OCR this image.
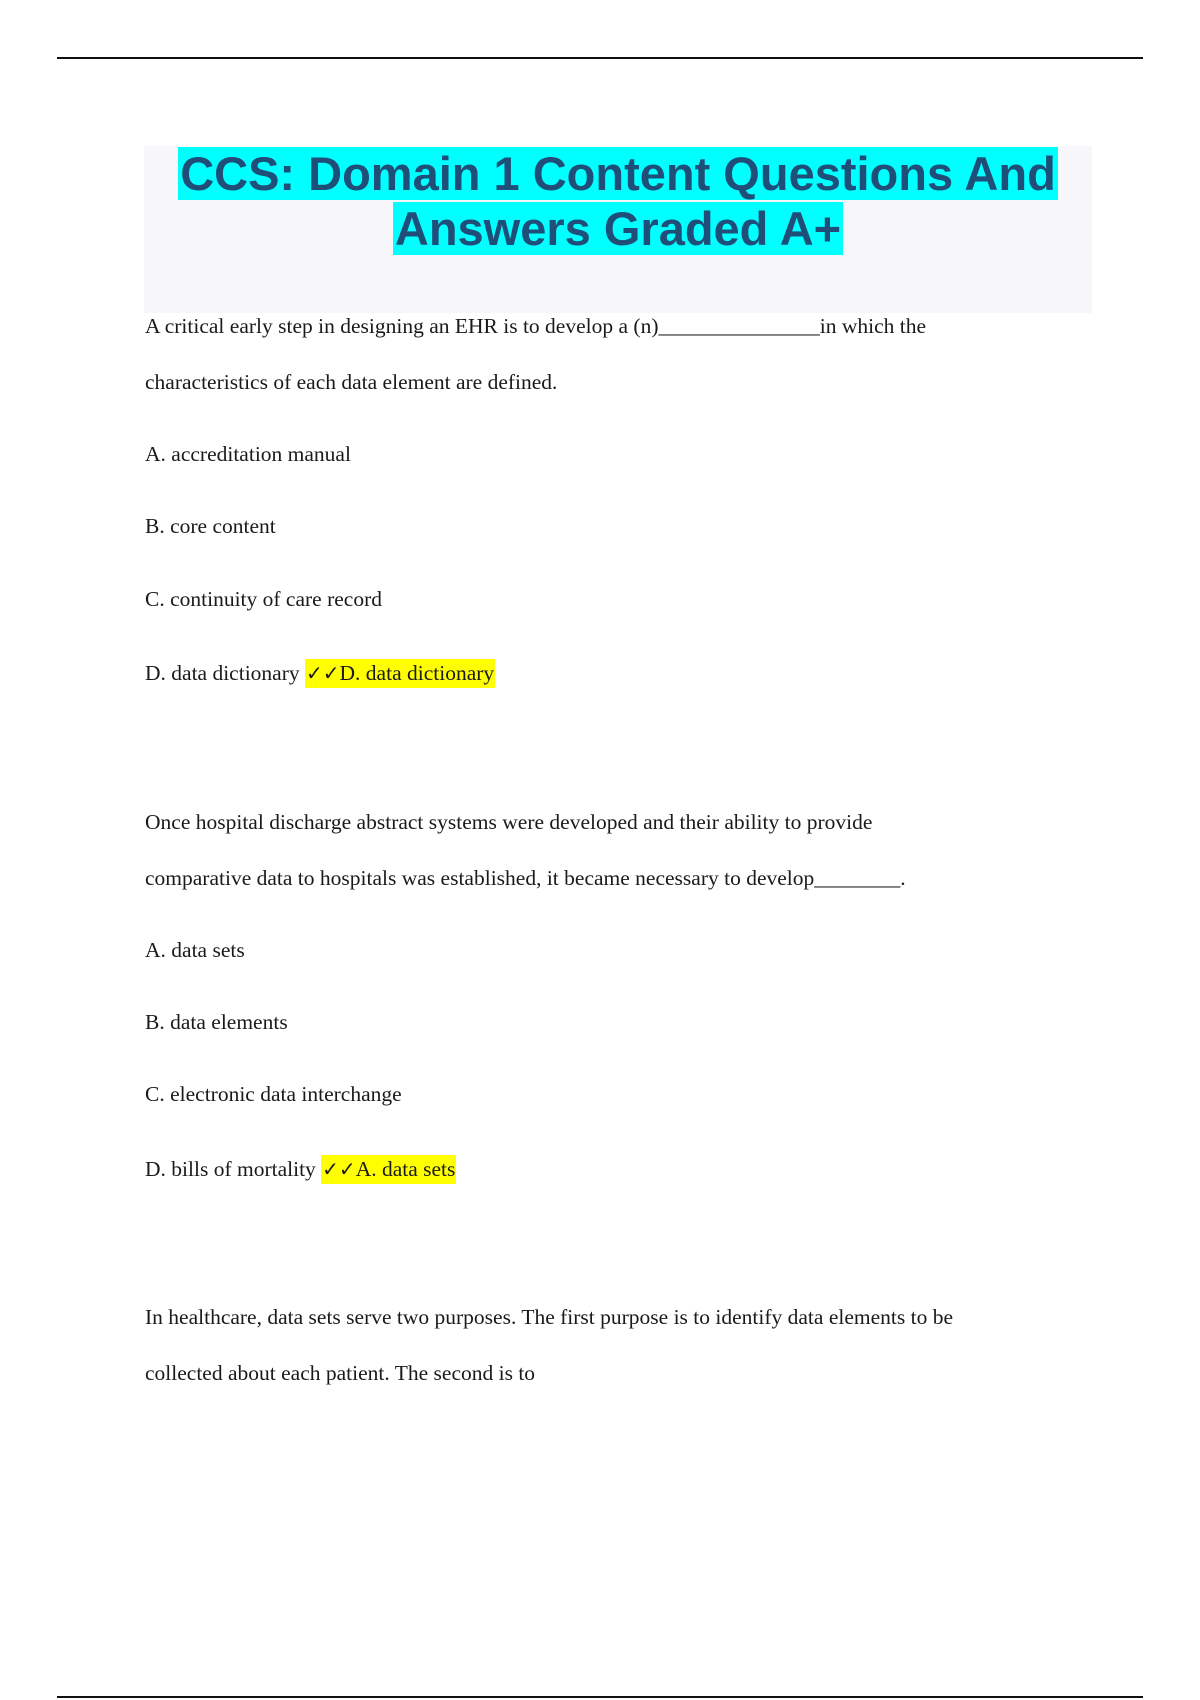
CCS: Domain 1 Content Questions And Answers Graded A+
A critical early step in designing an EHR is to develop a (n)_______________in which the
characteristics of each data element are defined.
A. accreditation manual
B. core content
C. continuity of care record
D. data dictionary ✓✓D. data dictionary
Once hospital discharge abstract systems were developed and their ability to provide
comparative data to hospitals was established, it became necessary to develop________.
A. data sets
B. data elements
C. electronic data interchange
D. bills of mortality ✓✓A. data sets
In healthcare, data sets serve two purposes. The first purpose is to identify data elements to be
collected about each patient. The second is to
